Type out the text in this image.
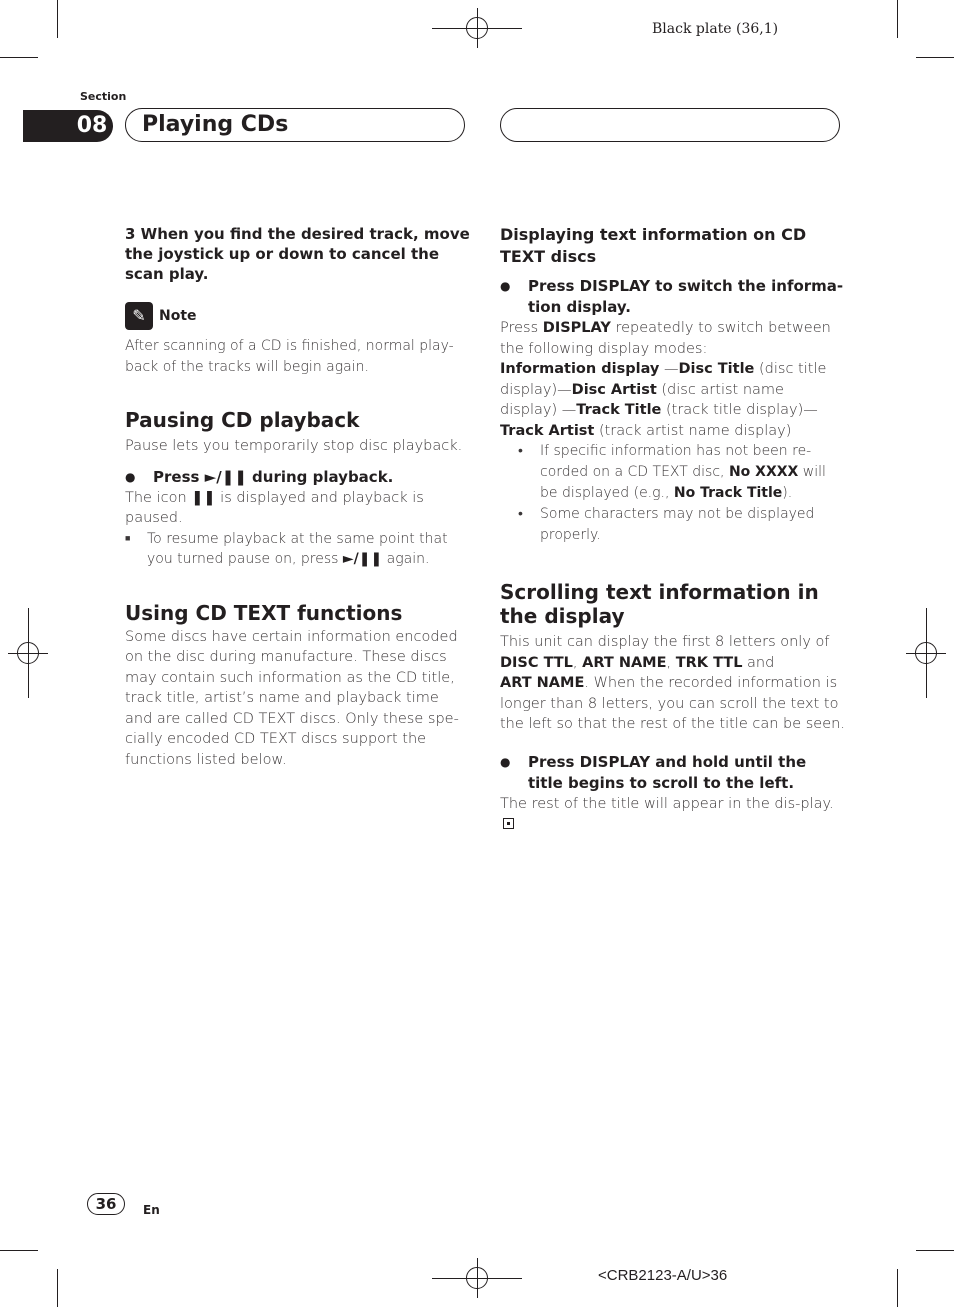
Black plate (36,1)
Section
08	Playing CDs
3 When you find the desired track, move the joystick up or down to cancel the scan play.
✎ Note
After scanning of a CD is finished, normal play-back of the tracks will begin again.
Pausing CD playback
Pause lets you temporarily stop disc playback.
● Press ►/❚❚ during playback.
The icon ❚❚ is displayed and playback is paused.
■ To resume playback at the same point that you turned pause on, press ►/❚❚ again.
Using CD TEXT functions
Some discs have certain information encoded on the disc during manufacture. These discs may contain such information as the CD title, track title, artist’s name and playback time and are called CD TEXT discs. Only these spe-cially encoded CD TEXT discs support the functions listed below.
Displaying text information on CD TEXT discs
● Press DISPLAY to switch the informa-tion display.
Press DISPLAY repeatedly to switch between the following display modes:
Information display —Disc Title (disc title display)—Disc Artist (disc artist name display) —Track Title (track title display)—Track Artist (track artist name display)
• If specific information has not been re-corded on a CD TEXT disc, No XXXX will be displayed (e.g., No Track Title).
• Some characters may not be displayed properly.
Scrolling text information in the display
This unit can display the first 8 letters only of DISC TTL, ART NAME, TRK TTL and
ART NAME. When the recorded information is longer than 8 letters, you can scroll the text to the left so that the rest of the title can be seen.
● Press DISPLAY and hold until the title begins to scroll to the left.
The rest of the title will appear in the dis-play.
36	En
<CRB2123-A/U>36
